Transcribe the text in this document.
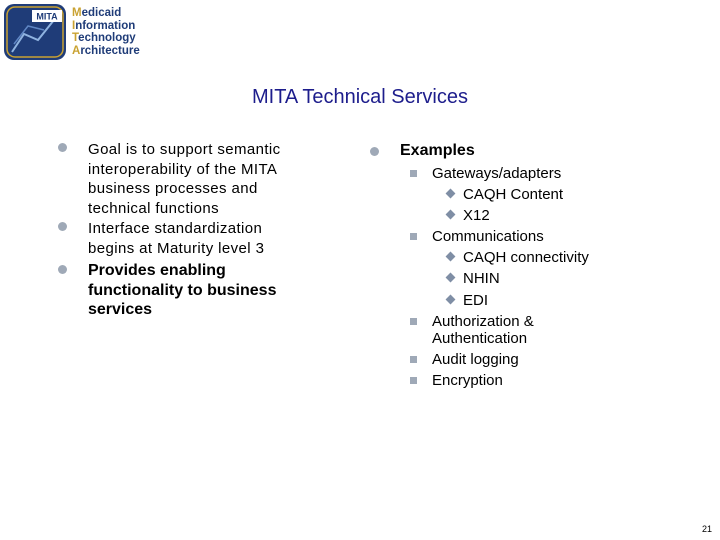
MITA Medicaid
Information
Technology
Architecture
MITA Technical Services
Goal is to support semantic
interoperability of the MITA
business processes and
technical functions
Interface standardization
begins at Maturity level 3
Provides enabling
functionality to business
services
Examples
Gateways/adapters
CAQH Content
X12
Communications
CAQH connectivity
NHIN
EDI
Authorization &
Authentication
Audit logging
Encryption
21
